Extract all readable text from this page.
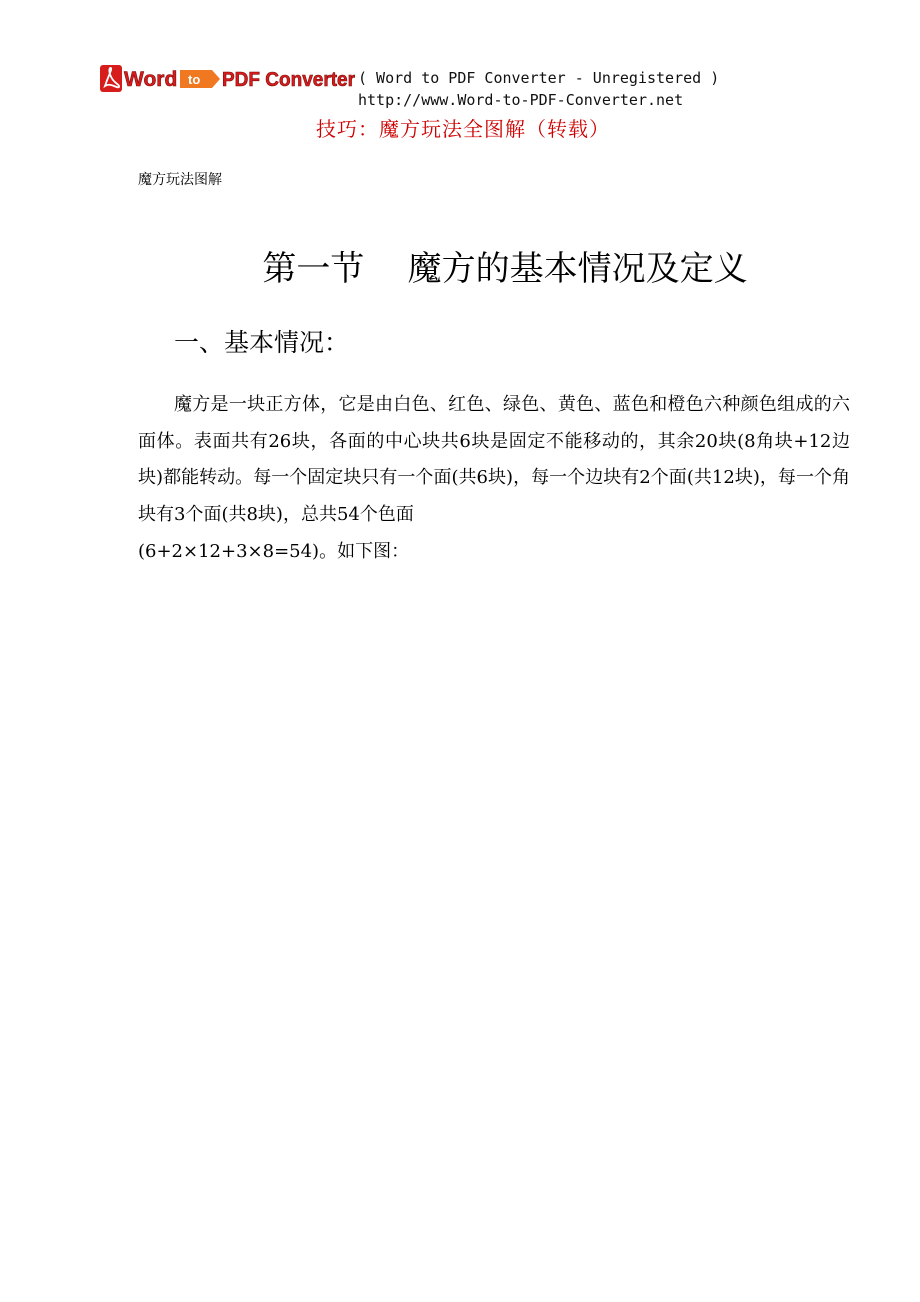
Word to PDF Converter ( Word to PDF Converter - Unregistered )
http://www.Word-to-PDF-Converter.net
技巧：魔方玩法全图解（转载）
魔方玩法图解
第一节    魔方的基本情况及定义
一、基本情况：

魔方是一块正方体，它是由白色、红色、绿色、黄色、蓝色和橙色六种颜色组成的六面体。表面共有26块，各面的中心块共6块是固定不能移动的，其余20块(8角块+12边块)都能转动。每一个固定块只有一个面(共6块)，每一个边块有2个面(共12块)，每一个角块有3个面(共8块)，总共54个色面

(6+2×12+3×8=54)。如下图：
